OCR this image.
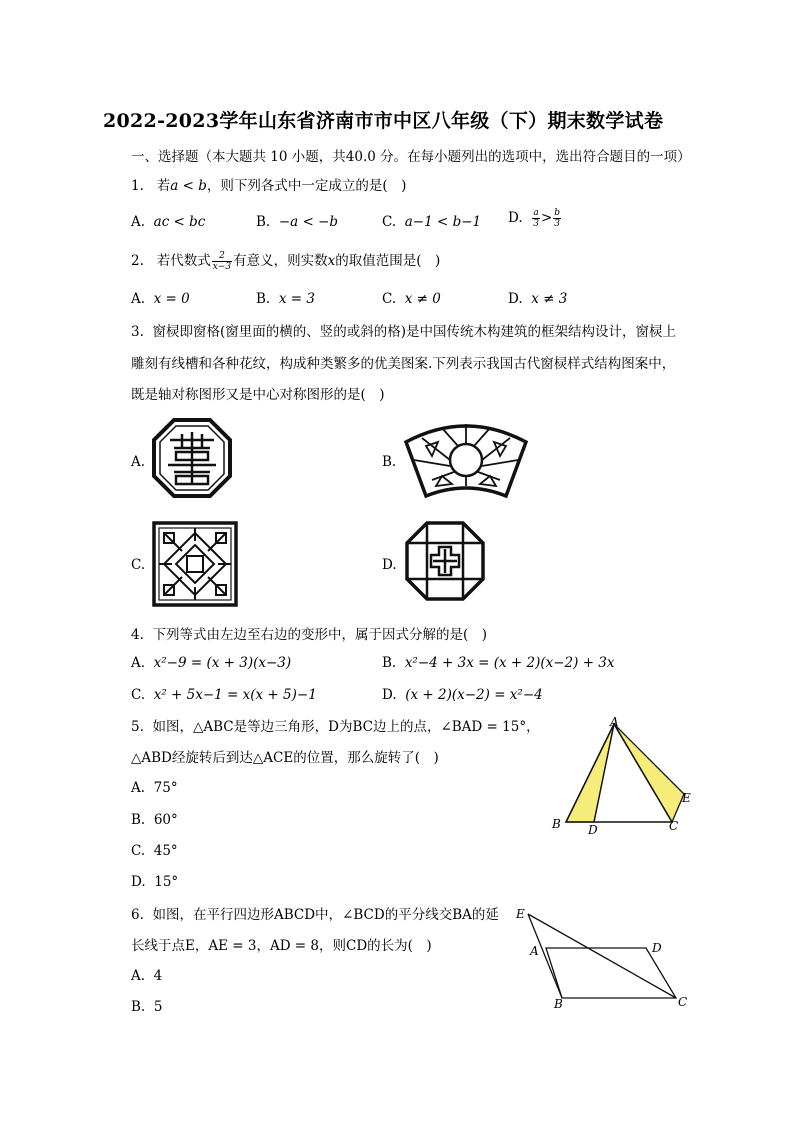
2022-2023学年山东省济南市市中区八年级（下）期末数学试卷
一、选择题（本大题共 10 小题，共40.0 分。在每小题列出的选项中，选出符合题目的一项）
1. 若a < b，则下列各式中一定成立的是(　)
A. ac < bc	B. −a < −b	C. a−1 < b−1 D. $\frac{a}{3} > \frac{b}{3}$
2. 若代数式 $\frac{2}{x-3}$ 有意义，则实数x的取值范围是(　)
A. x = 0	B. x = 3	C. x ≠ 0	D. x ≠ 3
3. 窗棂即窗格(窗里面的横的、竖的或斜的格)是中国传统木构建筑的框架结构设计，窗棂上
雕刻有线槽和各种花纹，构成种类繁多的优美图案.下列表示我国古代窗棂样式结构图案中，
既是轴对称图形又是中心对称图形的是(　)
A.	B.
C.	D.
4. 下列等式由左边至右边的变形中，属于因式分解的是(　)
A. x²−9 = (x + 3)(x−3)	B. x²−4 + 3x = (x + 2)(x−2) + 3x
C. x² + 5x−1 = x(x + 5)−1	D. (x + 2)(x−2) = x²−4
5. 如图，△ABC是等边三角形，D为BC边上的点，∠BAD = 15°，
△ABD经旋转后到达△ACE的位置，那么旋转了(　)
A. 75°
B. 60°
C. 45°
D. 15°
A
B D	C
E
6. 如图，在平行四边形ABCD中，∠BCD的平分线交BA的延
长线于点E，AE = 3，AD = 8，则CD的长为(　)
A. 4
B. 5
E
A	D
B	C
